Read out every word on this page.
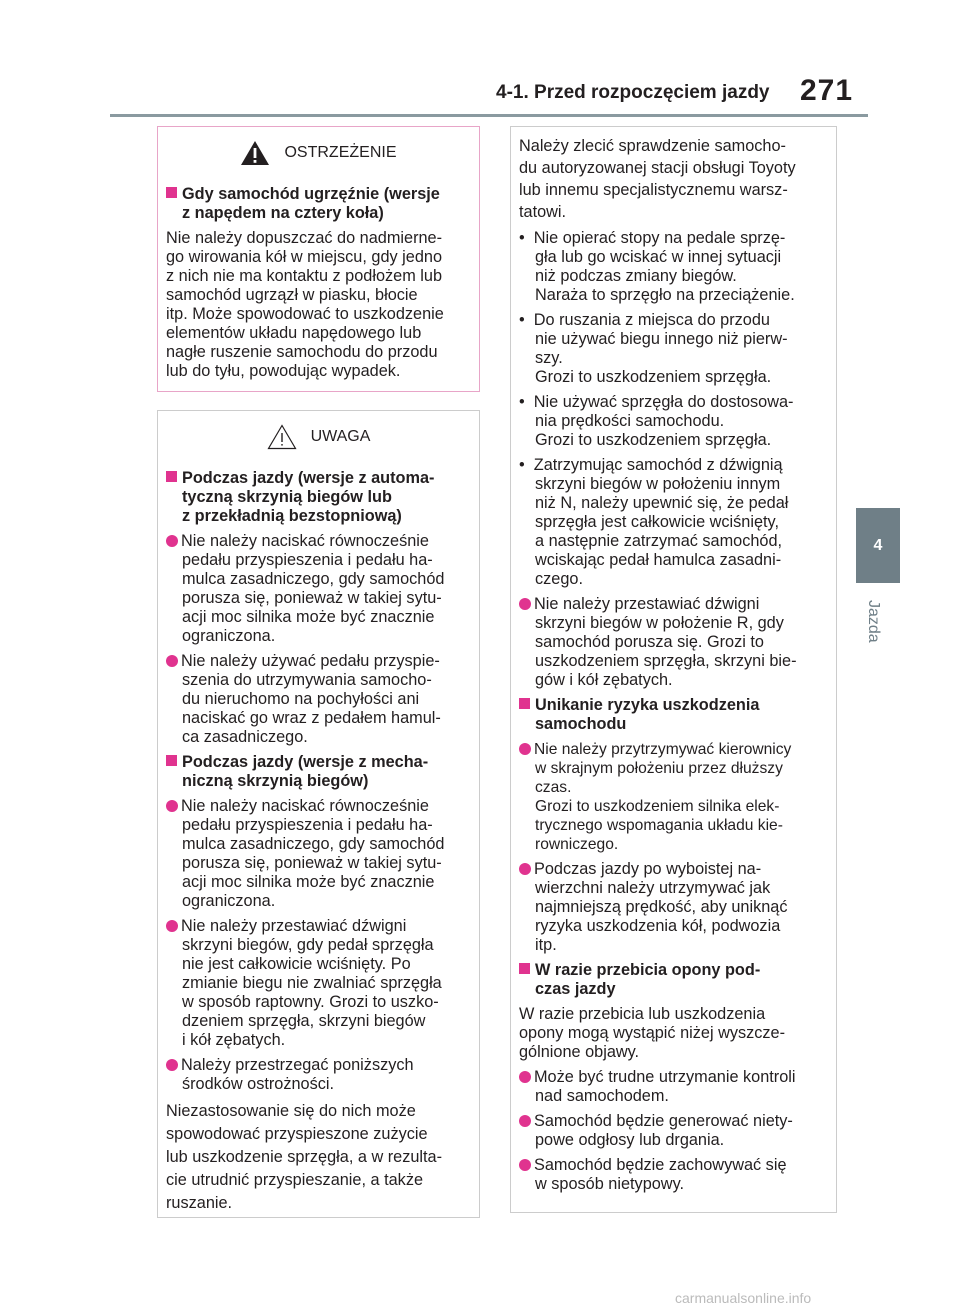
4-1. Przed rozpoczęciem jazdy 271
4
Jazda
OSTRZEŻENIE
Gdy samochód ugrzęźnie (wersje
z napędem na cztery koła)
Nie należy dopuszczać do nadmierne-
go wirowania kół w miejscu, gdy jedno
z nich nie ma kontaktu z podłożem lub
samochód ugrzązł w piasku, błocie
itp. Może spowodować to uszkodzenie
elementów układu napędowego lub
nagłe ruszenie samochodu do przodu
lub do tyłu, powodując wypadek.
UWAGA
Podczas jazdy (wersje z automa-
tyczną skrzynią biegów lub
z przekładnią bezstopniową)
Nie należy naciskać równocześnie
pedału przyspieszenia i pedału ha-
mulca zasadniczego, gdy samochód
porusza się, ponieważ w takiej sytu-
acji moc silnika może być znacznie
ograniczona.
Nie należy używać pedału przyspie-
szenia do utrzymywania samocho-
du nieruchomo na pochyłości ani
naciskać go wraz z pedałem hamul-
ca zasadniczego.
Podczas jazdy (wersje z mecha-
niczną skrzynią biegów)
Nie należy naciskać równocześnie
pedału przyspieszenia i pedału ha-
mulca zasadniczego, gdy samochód
porusza się, ponieważ w takiej sytu-
acji moc silnika może być znacznie
ograniczona.
Nie należy przestawiać dźwigni
skrzyni biegów, gdy pedał sprzęgła
nie jest całkowicie wciśnięty. Po
zmianie biegu nie zwalniać sprzęgła
w sposób raptowny. Grozi to uszko-
dzeniem sprzęgła, skrzyni biegów
i kół zębatych.
Należy przestrzegać poniższych
środków ostrożności.
Niezastosowanie się do nich może
spowodować przyspieszone zużycie
lub uszkodzenie sprzęgła, a w rezulta-
cie utrudnić przyspieszanie, a także
ruszanie.
Należy zlecić sprawdzenie samocho-
du autoryzowanej stacji obsługi Toyoty
lub innemu specjalistycznemu warsz-
tatowi.
•  Nie opierać stopy na pedale sprzę-
gła lub go wciskać w innej sytuacji
niż podczas zmiany biegów.
Naraża to sprzęgło na przeciążenie.
•  Do ruszania z miejsca do przodu
nie używać biegu innego niż pierw-
szy.
Grozi to uszkodzeniem sprzęgła.
•  Nie używać sprzęgła do dostosowa-
nia prędkości samochodu.
Grozi to uszkodzeniem sprzęgła.
•  Zatrzymując samochód z dźwignią
skrzyni biegów w położeniu innym
niż N, należy upewnić się, że pedał
sprzęgła jest całkowicie wciśnięty,
a następnie zatrzymać samochód,
wciskając pedał hamulca zasadni-
czego.
Nie należy przestawiać dźwigni
skrzyni biegów w położenie R, gdy
samochód porusza się. Grozi to
uszkodzeniem sprzęgła, skrzyni bie-
gów i kół zębatych.
Unikanie ryzyka uszkodzenia
samochodu
Nie należy przytrzymywać kierownicy
w skrajnym położeniu przez dłuższy
czas.
Grozi to uszkodzeniem silnika elek-
trycznego wspomagania układu kie-
rowniczego.
Podczas jazdy po wyboistej na-
wierzchni należy utrzymywać jak
najmniejszą prędkość, aby uniknąć
ryzyka uszkodzenia kół, podwozia
itp.
W razie przebicia opony pod-
czas jazdy
W razie przebicia lub uszkodzenia
opony mogą wystąpić niżej wyszcze-
gólnione objawy.
Może być trudne utrzymanie kontroli
nad samochodem.
Samochód będzie generować niety-
powe odgłosy lub drgania.
Samochód będzie zachowywać się
w sposób nietypowy.
carmanualsonline.info
